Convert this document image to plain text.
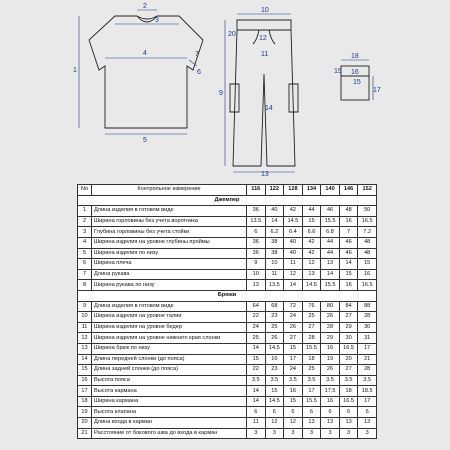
2
3
1
4	7
6
5
10
20
12
11
9
14
13
18
19 16
15
17
No	Контрольное измерение	116	122	128	134	140	146	152
Джемпер								
1	Длина изделия в готовом виде	36	40	42	44	46	48	50
2	Ширина горловины без учета воротника	13.5	14	14.5	15	15.5	16	16.5
3	Глубина горловины без учета стойки	6	6.2	6.4	6.6	6.8	7	7.2
4	Ширина изделия на уровне глубины проймы	36	38	40	42	44	46	48
5	Ширина изделия по низу	36	38	40	42	44	46	48
6	Ширина плеча	9	10	11	12	13	14	15
7	Длина рукава	10	11	12	13	14	15	16
8	Ширина рукава по низу	13	13.5	14	14.5	15.5	16	16.5
Брюки								
9	Длина изделия в готовом виде	64	68	72	76	80	84	88
10	Ширина изделия на уровне талии	22	23	24	25	26	27	28
11	Ширина изделия на уровне бедер	24	25	26	27	28	29	30
12	Ширина изделия на уровне нижнего края слонки	25	26	27	28	29	30	31
13	Ширина брюк по низу	14	14.5	15	15.5	16	16.5	17
14	Длина передней слонки (до пояса)	15	16	17	18	19	20	21
15	Длина задней слонки (до пояса)	22	23	24	25	26	27	28
16	Высота пояса	3.5	3.5	3.5	3.5	3.5	3.5	3.5
17	Высота кармана	14	15	16	17	17.5	18	18.5
18	Ширина кармана	14	14.5	15	15.5	16	16.5	17
19	Высота клапана	6	6	6	6	6	6	6
20	Длина входа в карман	11	12	12	13	13	13	13
21	Расстояние от бокового шва до входа в карман	3	3	3	3	3	3	3
